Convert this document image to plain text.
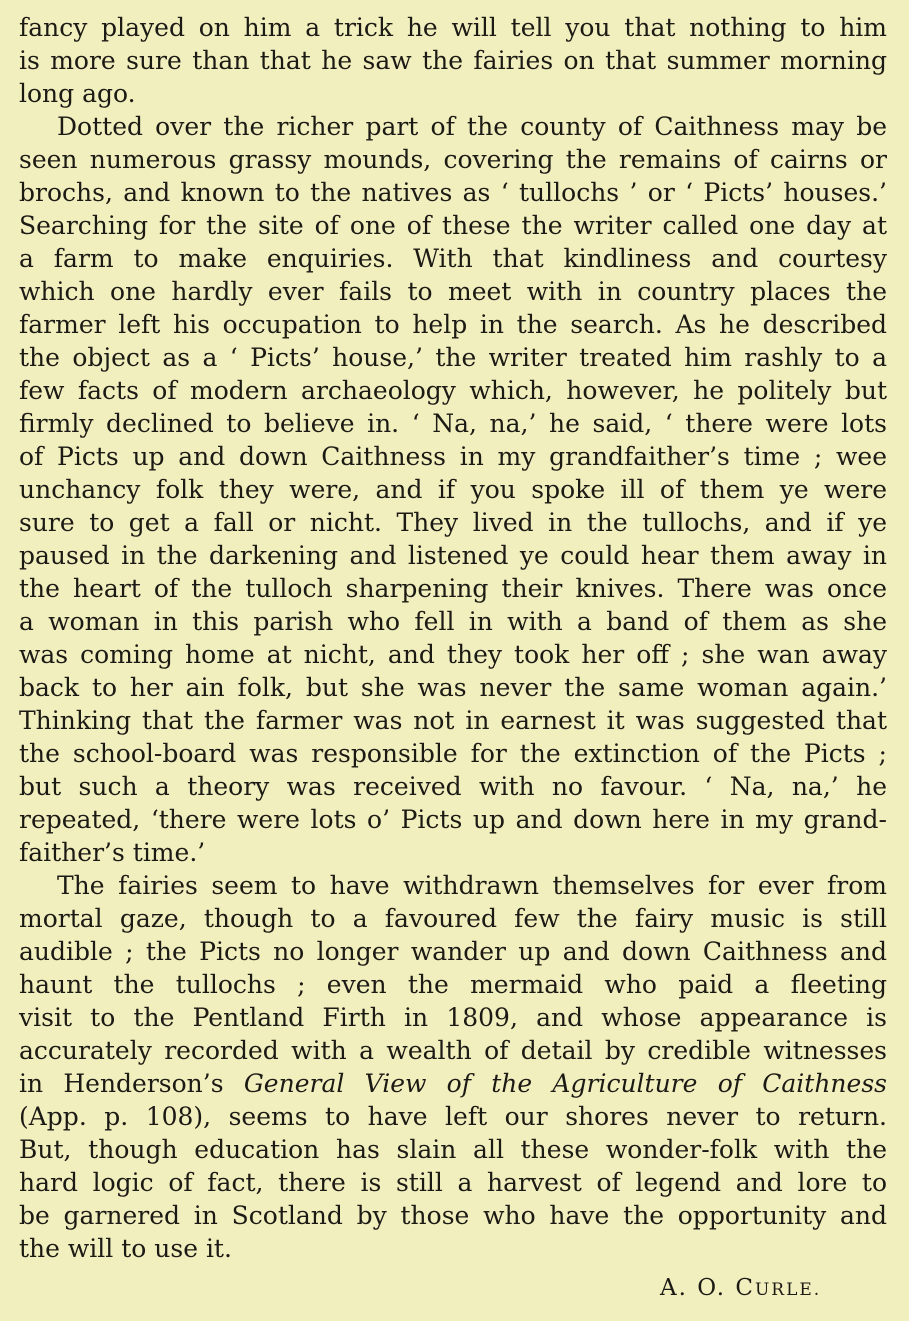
fancy played on him a trick he will tell you that nothing to him
is more sure than that he saw the fairies on that summer morning
long ago.
Dotted over the richer part of the county of Caithness may be
seen numerous grassy mounds, covering the remains of cairns or
brochs, and known to the natives as ‘ tullochs ’ or ‘ Picts’ houses.’
Searching for the site of one of these the writer called one day at
a farm to make enquiries. With that kindliness and courtesy
which one hardly ever fails to meet with in country places the
farmer left his occupation to help in the search. As he described
the object as a ‘ Picts’ house,’ the writer treated him rashly to a
few facts of modern archaeology which, however, he politely but
firmly declined to believe in. ‘ Na, na,’ he said, ‘ there were lots
of Picts up and down Caithness in my grandfaither’s time ; wee
unchancy folk they were, and if you spoke ill of them ye were
sure to get a fall or nicht. They lived in the tullochs, and if ye
paused in the darkening and listened ye could hear them away in
the heart of the tulloch sharpening their knives. There was once
a woman in this parish who fell in with a band of them as she
was coming home at nicht, and they took her off ; she wan away
back to her ain folk, but she was never the same woman again.’
Thinking that the farmer was not in earnest it was suggested that
the school-board was responsible for the extinction of the Picts ;
but such a theory was received with no favour. ‘ Na, na,’ he
repeated, ‘there were lots o’ Picts up and down here in my grand-
faither’s time.’
The fairies seem to have withdrawn themselves for ever from
mortal gaze, though to a favoured few the fairy music is still
audible ; the Picts no longer wander up and down Caithness and
haunt the tullochs ; even the mermaid who paid a fleeting
visit to the Pentland Firth in 1809, and whose appearance is
accurately recorded with a wealth of detail by credible witnesses
in Henderson’s General View of the Agriculture of Caithness
(App. p. 108), seems to have left our shores never to return.
But, though education has slain all these wonder-folk with the
hard logic of fact, there is still a harvest of legend and lore to
be garnered in Scotland by those who have the opportunity and
the will to use it.
A. O. CURLE.
